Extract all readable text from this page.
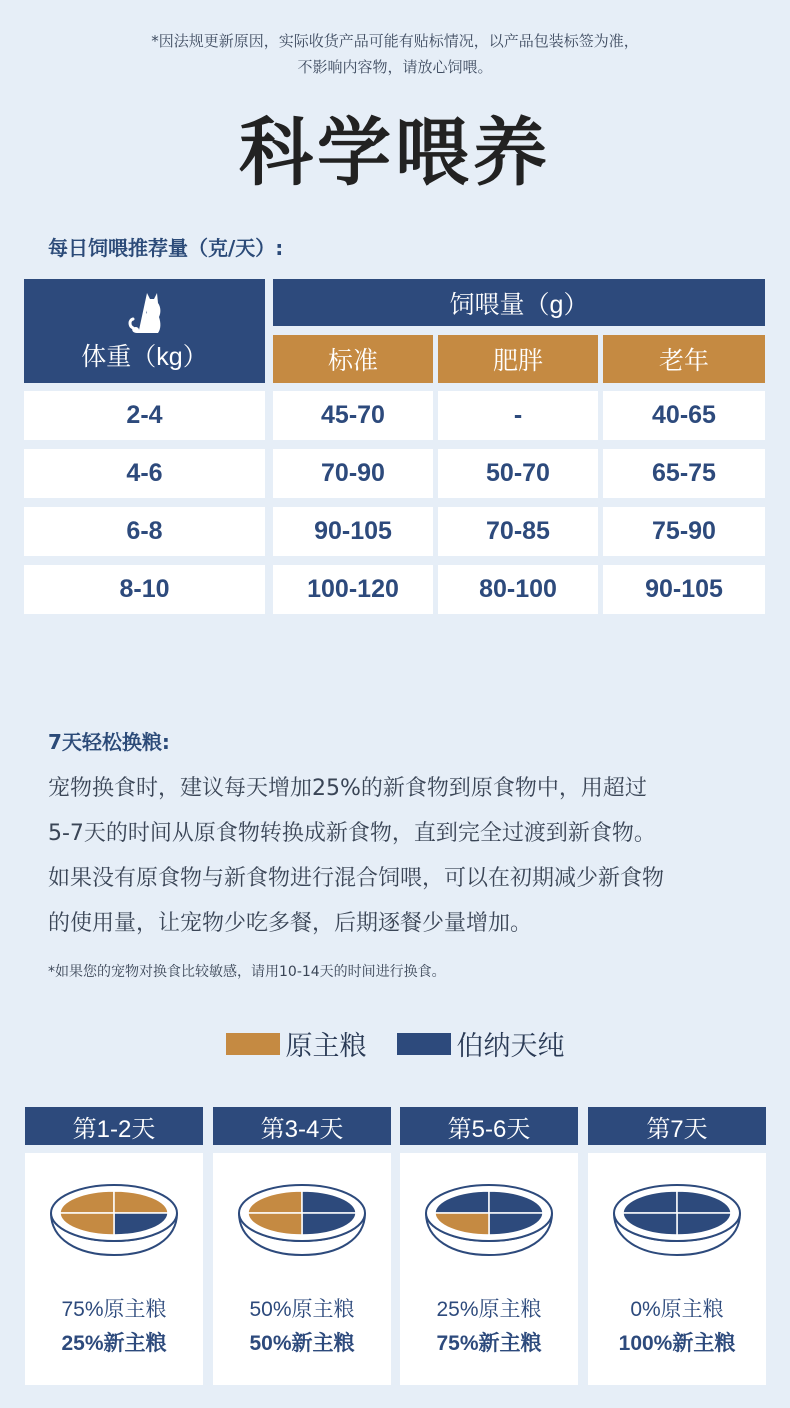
*因法规更新原因，实际收货产品可能有贴标情况，以产品包装标签为准，
不影响内容物，请放心饲喂。
科学喂养
每日饲喂推荐量（克/天）:
体重（kg）
饲喂量（g）
标准	肥胖	老年
2-4	45-70	-	40-65
4-6	70-90	50-70	65-75
6-8	90-105	70-85	75-90
8-10	100-120	80-100	90-105
7天轻松换粮:
宠物换食时，建议每天增加25%的新食物到原食物中，用超过
5-7天的时间从原食物转换成新食物，直到完全过渡到新食物。
如果没有原食物与新食物进行混合饲喂，可以在初期减少新食物
的使用量，让宠物少吃多餐，后期逐餐少量增加。
*如果您的宠物对换食比较敏感，请用10-14天的时间进行换食。
原主粮	伯纳天纯
第1-2天
75%原主粮
25%新主粮
第3-4天
50%原主粮
50%新主粮
第5-6天
25%原主粮
75%新主粮
第7天
0%原主粮
100%新主粮
